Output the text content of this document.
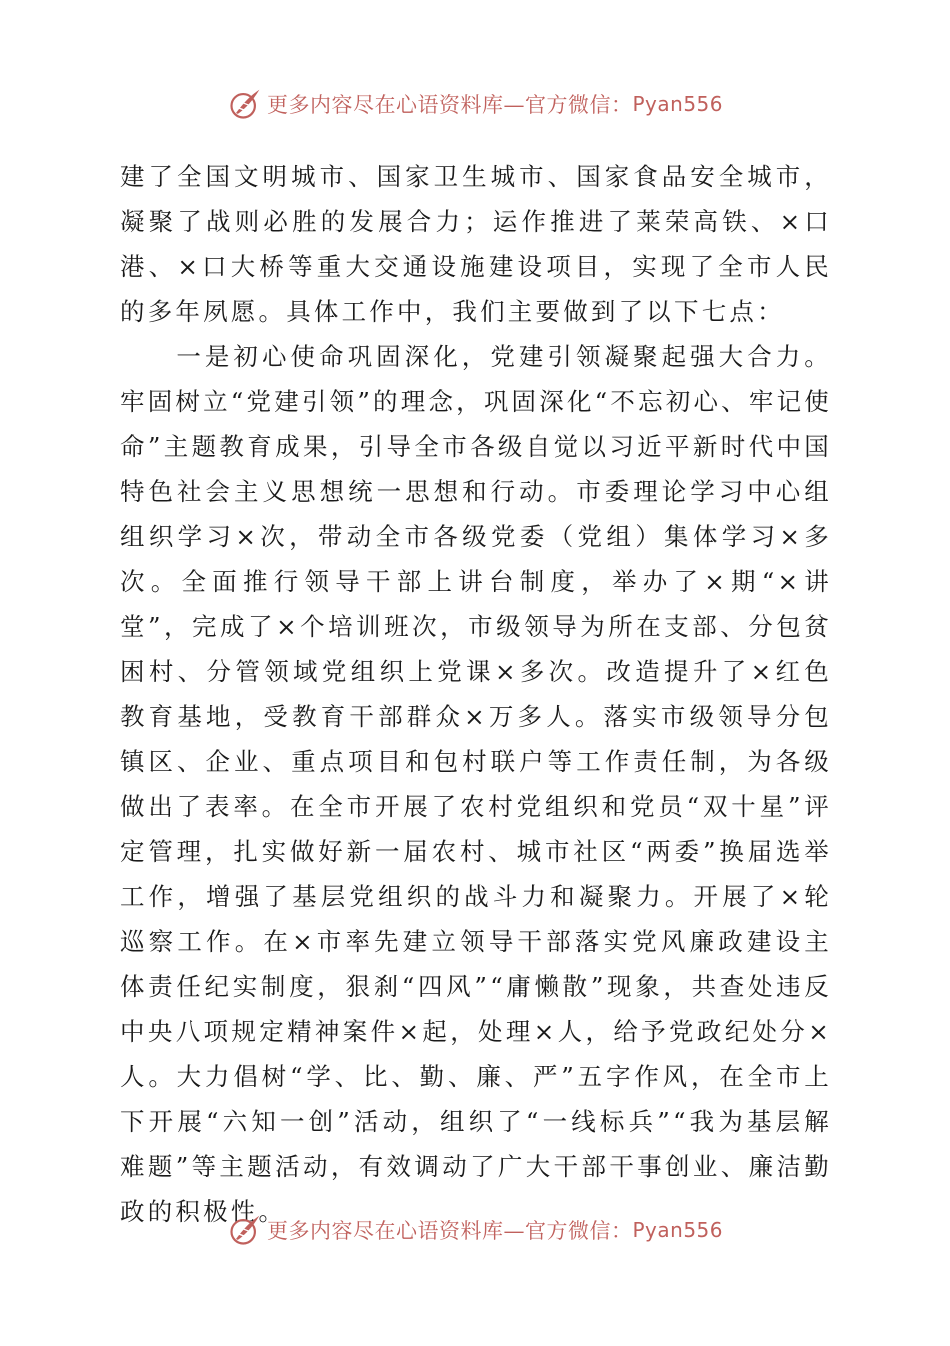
更多内容尽在心语资料库—官方微信： Pyan556

建了全国文明城市、国家卫生城市、国家食品安全城市，凝聚了战则必胜的发展合力；运作推进了莱荣高铁、×口港、×口大桥等重大交通设施建设项目，实现了全市人民的多年夙愿。具体工作中，我们主要做到了以下七点：

一是初心使命巩固深化，党建引领凝聚起强大合力。牢固树立“党建引领”的理念，巩固深化“不忘初心、牢记使命”主题教育成果，引导全市各级自觉以习近平新时代中国特色社会主义思想统一思想和行动。市委理论学习中心组组织学习×次，带动全市各级党委（党组）集体学习×多次。全面推行领导干部上讲台制度，举办了×期“×讲堂”，完成了×个培训班次，市级领导为所在支部、分包贫困村、分管领域党组织上党课×多次。改造提升了×红色教育基地，受教育干部群众×万多人。落实市级领导分包镇区、企业、重点项目和包村联户等工作责任制，为各级做出了表率。在全市开展了农村党组织和党员“双十星”评定管理，扎实做好新一届农村、城市社区“两委”换届选举工作，增强了基层党组织的战斗力和凝聚力。开展了×轮巡察工作。在×市率先建立领导干部落实党风廉政建设主体责任纪实制度，狠刹“四风”“庸懒散”现象，共查处违反中央八项规定精神案件×起，处理×人，给予党政纪处分×人。大力倡树“学、比、勤、廉、严”五字作风，在全市上下开展“六知一创”活动，组织了“一线标兵”“我为基层解难题”等主题活动，有效调动了广大干部干事创业、廉洁勤政的积极性。

更多内容尽在心语资料库—官方微信： Pyan556
